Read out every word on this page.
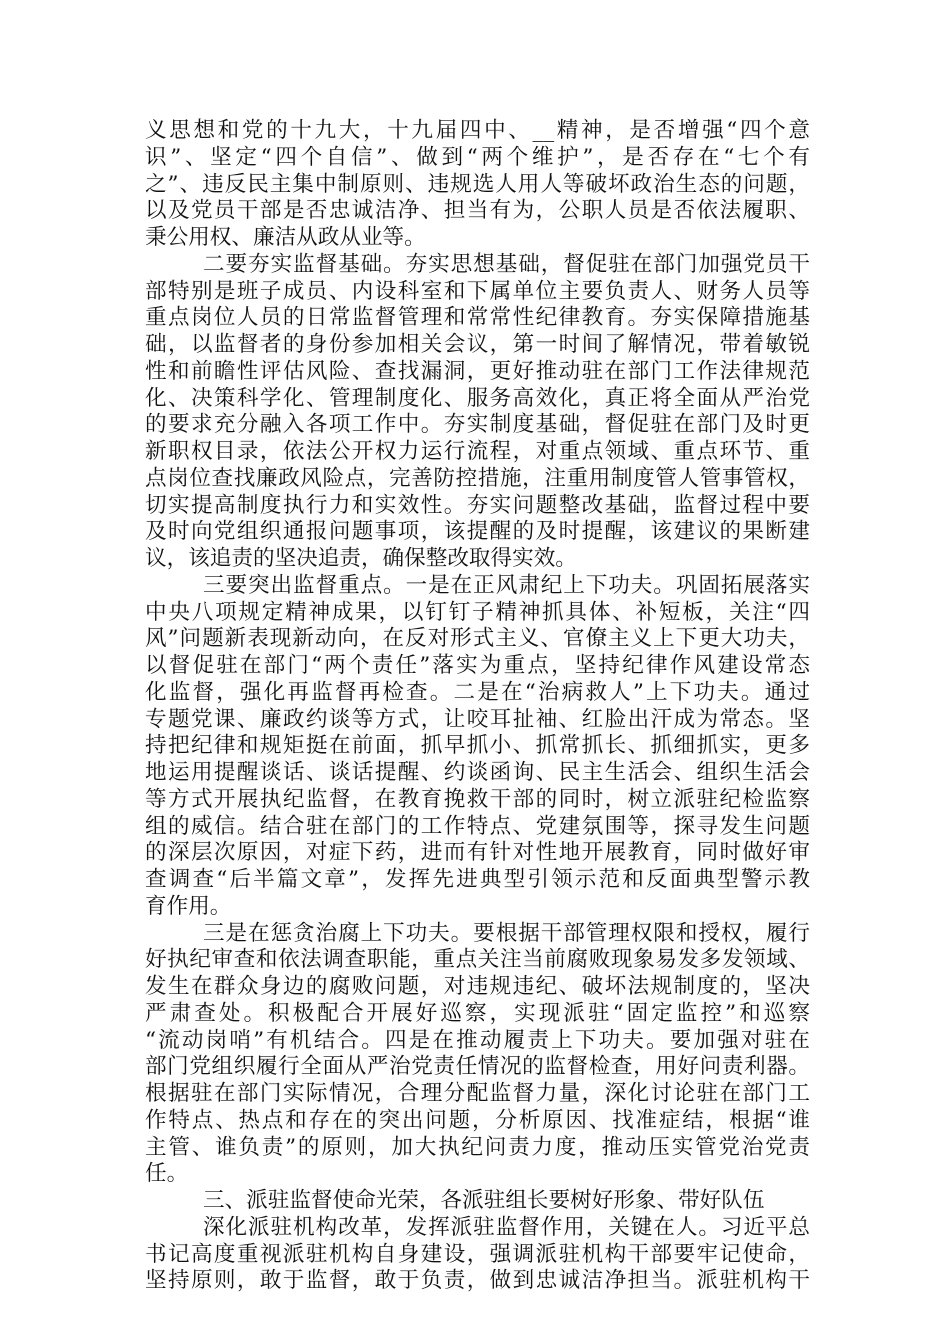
义思想和党的十九大，十九届四中、__精神，是否增强“四个意
识”、坚定“四个自信”、做到“两个维护”，是否存在“七个有
之”、违反民主集中制原则、违规选人用人等破坏政治生态的问题，
以及党员干部是否忠诚洁净、担当有为，公职人员是否依法履职、
秉公用权、廉洁从政从业等。
二要夯实监督基础。夯实思想基础，督促驻在部门加强党员干
部特别是班子成员、内设科室和下属单位主要负责人、财务人员等
重点岗位人员的日常监督管理和常常性纪律教育。夯实保障措施基
础，以监督者的身份参加相关会议，第一时间了解情况，带着敏锐
性和前瞻性评估风险、查找漏洞，更好推动驻在部门工作法律规范
化、决策科学化、管理制度化、服务高效化，真正将全面从严治党
的要求充分融入各项工作中。夯实制度基础，督促驻在部门及时更
新职权目录，依法公开权力运行流程，对重点领域、重点环节、重
点岗位查找廉政风险点，完善防控措施，注重用制度管人管事管权，
切实提高制度执行力和实效性。夯实问题整改基础，监督过程中要
及时向党组织通报问题事项，该提醒的及时提醒，该建议的果断建
议，该追责的坚决追责，确保整改取得实效。
三要突出监督重点。一是在正风肃纪上下功夫。巩固拓展落实
中央八项规定精神成果，以钉钉子精神抓具体、补短板，关注“四
风”问题新表现新动向，在反对形式主义、官僚主义上下更大功夫，
以督促驻在部门“两个责任”落实为重点，坚持纪律作风建设常态
化监督，强化再监督再检查。二是在“治病救人”上下功夫。通过
专题党课、廉政约谈等方式，让咬耳扯袖、红脸出汗成为常态。坚
持把纪律和规矩挺在前面，抓早抓小、抓常抓长、抓细抓实，更多
地运用提醒谈话、谈话提醒、约谈函询、民主生活会、组织生活会
等方式开展执纪监督，在教育挽救干部的同时，树立派驻纪检监察
组的威信。结合驻在部门的工作特点、党建氛围等，探寻发生问题
的深层次原因，对症下药，进而有针对性地开展教育，同时做好审
查调查“后半篇文章”，发挥先进典型引领示范和反面典型警示教
育作用。
三是在惩贪治腐上下功夫。要根据干部管理权限和授权，履行
好执纪审查和依法调查职能，重点关注当前腐败现象易发多发领域、
发生在群众身边的腐败问题，对违规违纪、破坏法规制度的，坚决
严肃查处。积极配合开展好巡察，实现派驻“固定监控”和巡察
“流动岗哨”有机结合。四是在推动履责上下功夫。要加强对驻在
部门党组织履行全面从严治党责任情况的监督检查，用好问责利器。
根据驻在部门实际情况，合理分配监督力量，深化讨论驻在部门工
作特点、热点和存在的突出问题，分析原因、找准症结，根据“谁
主管、谁负责”的原则，加大执纪问责力度，推动压实管党治党责
任。
三、派驻监督使命光荣，各派驻组长要树好形象、带好队伍
深化派驻机构改革，发挥派驻监督作用，关键在人。习近平总
书记高度重视派驻机构自身建设，强调派驻机构干部要牢记使命，
坚持原则，敢于监督，敢于负责，做到忠诚洁净担当。派驻机构干
